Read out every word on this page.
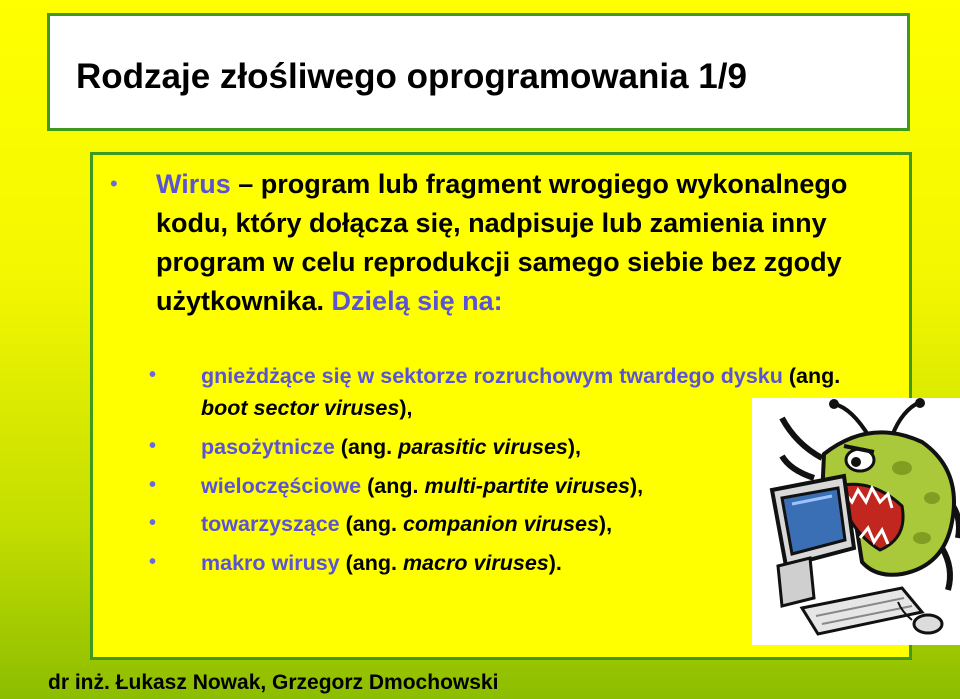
Rodzaje złośliwego oprogramowania 1/9
• Wirus – program lub fragment wrogiego wykonalnego kodu, który dołącza się, nadpisuje lub zamienia inny program w celu reprodukcji samego siebie bez zgody użytkownika. Dzielą się na:

• gnieżdżące się w sektorze rozruchowym twardego dysku (ang. boot sector viruses),
• pasożytnicze (ang. parasitic viruses),
• wieloczęściowe (ang. multi-partite viruses),
• towarzyszące (ang. companion viruses),
• makro wirusy (ang. macro viruses).

dr inż. Łukasz Nowak, Grzegorz Dmochowski
